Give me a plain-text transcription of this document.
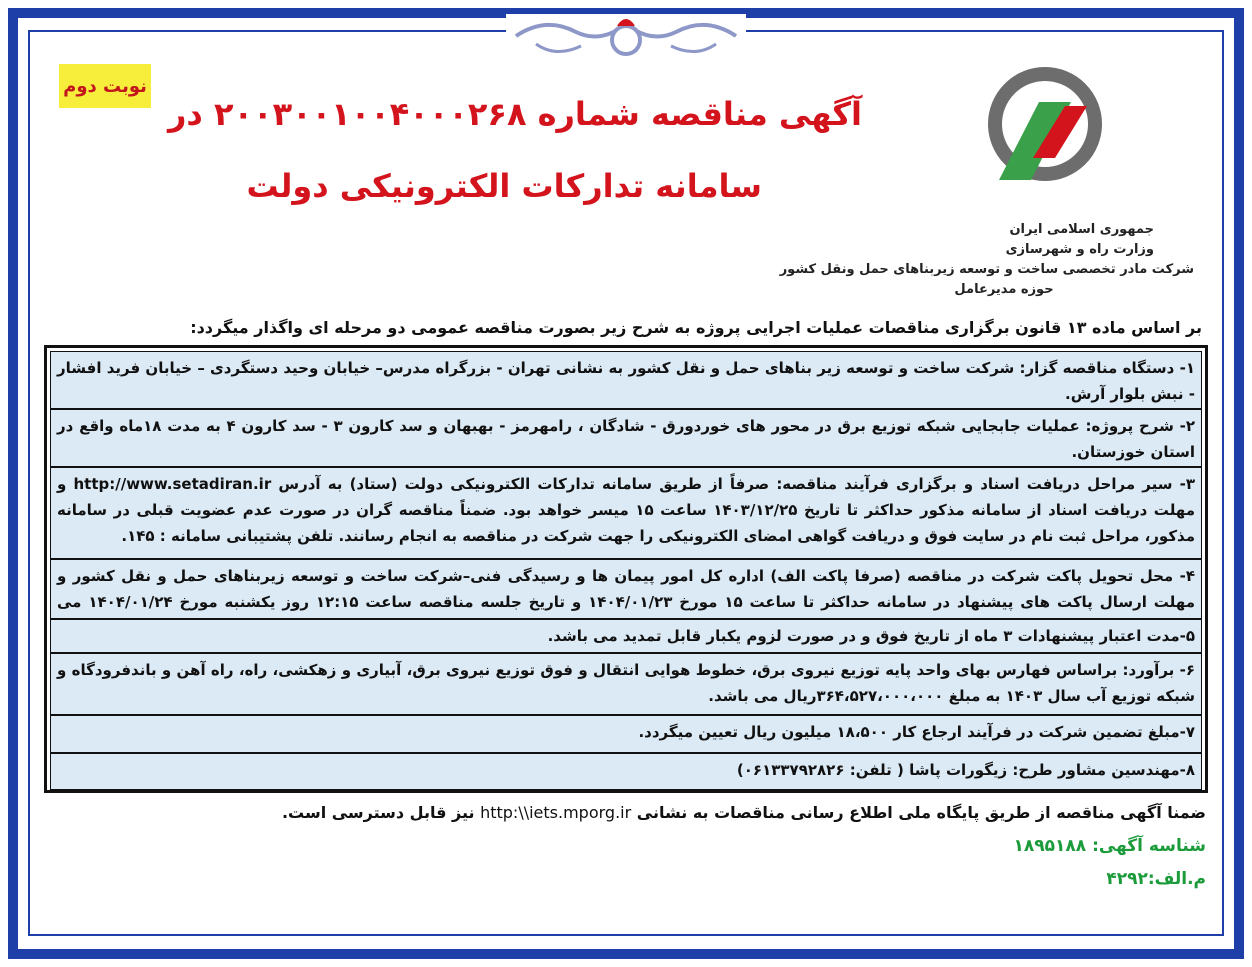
نوبت دوم
آگهی مناقصه شماره ۲۰۰۳۰۰۱۰۰۴۰۰۰۲۶۸ در
سامانه تدارکات الکترونیکی دولت
جمهوری اسلامی ایران
وزارت راه و شهرسازی
شرکت مادر تخصصی ساخت و توسعه زیربناهای حمل ونقل کشور
حوزه مدیرعامل
بر اساس ماده ۱۳ قانون برگزاری مناقصات عملیات اجرایی پروژه به شرح زیر بصورت مناقصه عمومی دو مرحله ای واگذار میگردد:
۱- دستگاه مناقصه گزار: شرکت ساخت و توسعه زیر بناهای حمل و نقل کشور به نشانی تهران - بزرگراه مدرس– خیابان وحید دستگردی – خیابان فرید افشار - نبش بلوار آرش.
۲- شرح پروژه: عملیات جابجایی شبکه توزیع برق در محور های خوردورق - شادگان ، رامهرمز - بهبهان و سد کارون ۳ - سد کارون ۴ به مدت ۱۸ماه واقع در استان خوزستان.
۳- سیر مراحل دریافت اسناد و برگزاری فرآیند مناقصه: صرفاً از طریق سامانه تدارکات الکترونیکی دولت (ستاد) به آدرس http://www.setadiran.ir و مهلت دریافت اسناد از سامانه مذکور حداکثر تا تاریخ ۱۴۰۳/۱۲/۲۵ ساعت ۱۵ میسر خواهد بود. ضمناً مناقصه گران در صورت عدم عضویت قبلی در سامانه مذکور، مراحل ثبت نام در سایت فوق و دریافت گواهی امضای الکترونیکی را جهت شرکت در مناقصه به انجام رسانند. تلفن پشتیبانی سامانه : ۱۴۵.
۴- محل تحویل پاکت شرکت در مناقصه (صرفا پاکت الف) اداره کل امور پیمان ها و رسیدگی فنی–شرکت ساخت و توسعه زیربناهای حمل و نقل کشور و مهلت ارسال پاکت های پیشنهاد در سامانه حداکثر تا ساعت ۱۵ مورخ ۱۴۰۴/۰۱/۲۳ و تاریخ جلسه مناقصه ساعت ۱۲:۱۵ روز یکشنبه مورخ ۱۴۰۴/۰۱/۲۴ می
۵-مدت اعتبار پیشنهادات ۳ ماه از تاریخ فوق و در صورت لزوم یکبار قابل تمدید می باشد.
۶- برآورد: براساس فهارس بهای واحد پایه توزیع نیروی برق، خطوط هوایی انتقال و فوق توزیع نیروی برق، آبیاری و زهکشی، راه، راه آهن و باندفرودگاه و شبکه توزیع آب سال ۱۴۰۳ به مبلغ ۳۶۴،۵۲۷،۰۰۰،۰۰۰ریال می باشد.
۷-مبلغ تضمین شرکت در فرآیند ارجاع کار ۱۸،۵۰۰ میلیون ریال تعیین میگردد.
۸-مهندسین مشاور طرح: زیگورات پاشا ( تلفن: ۰۶۱۳۳۷۹۲۸۲۶)
ضمنا آگهی مناقصه از طریق پایگاه ملی اطلاع رسانی مناقصات به نشانی http:\\iets.mporg.ir نیز قابل دسترسی است.
شناسه آگهی: ۱۸۹۵۱۸۸
م.الف:۴۲۹۲
